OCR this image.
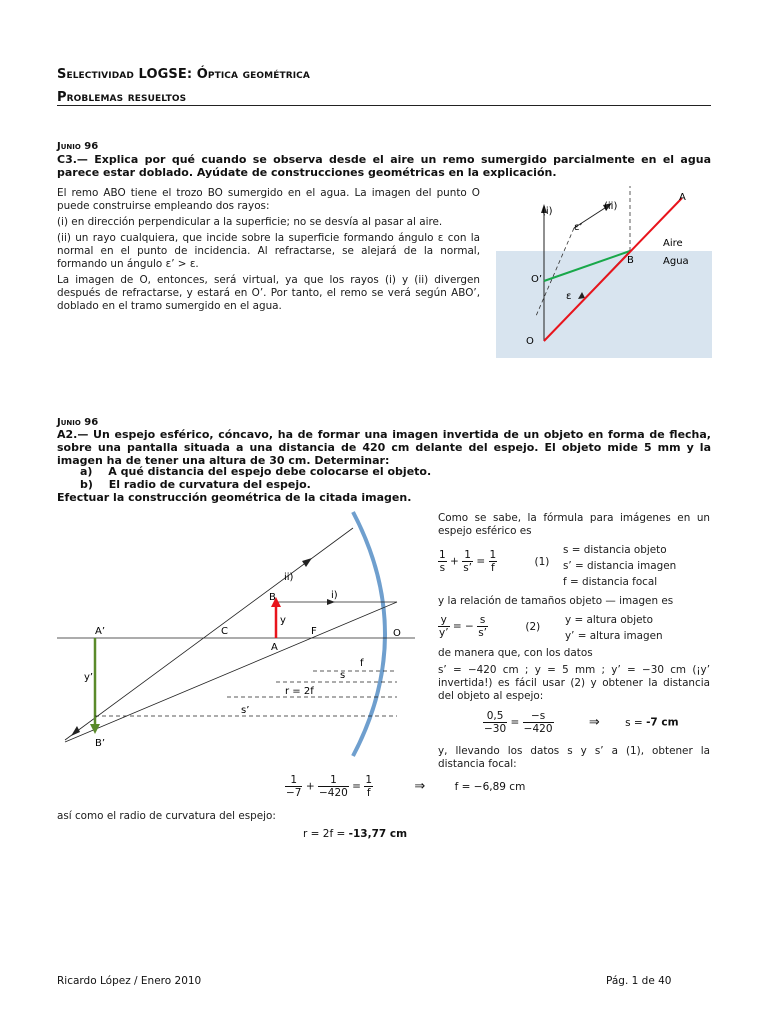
Selectividad LOGSE: Óptica geométrica
Problemas resueltos
Junio 96
C3.— Explica por qué cuando se observa desde el aire un remo sumergido parcialmente en el agua parece estar doblado. Ayúdate de construcciones geométricas en la explicación.
El remo ABO tiene el trozo BO sumergido en el agua. La imagen del punto O puede construirse empleando dos rayos:
(i) en dirección perpendicular a la superficie; no se desvía al pasar al aire.
(ii) un rayo cualquiera, que incide sobre la superficie formando ángulo ε con la normal en el punto de incidencia. Al refractarse, se alejará de la normal, formando un ángulo ε’ > ε.
La imagen de O, entonces, será virtual, ya que los rayos (i) y (ii) divergen después de refractarse, y estará en O’. Por tanto, el remo se verá según ABO’, doblado en el tramo sumergido en el agua.
A
B
O
O’
(i)	(ii)
ε’
ε
Aire
Agua
Junio 96
A2.— Un espejo esférico, cóncavo, ha de formar una imagen invertida de un objeto en forma de flecha, sobre una pantalla situada a una distancia de 420 cm delante del espejo. El objeto mide 5 mm y la imagen ha de tener una altura de 30 cm. Determinar:
a) A qué distancia del espejo debe colocarse el objeto.
b) El radio de curvatura del espejo.
Efectuar la construcción geométrica de la citada imagen.
A’	C
A
F	O
B
B’
y
y’
i)
ii)
f
s
r = 2f
s’
Como se sabe, la fórmula para imágenes en un espejo esférico es
$\frac{1}{s} + \frac{1}{s’} = \frac{1}{f}$	(1)
s = distancia objeto
s’ = distancia imagen
f = distancia focal
y la relación de tamaños objeto — imagen es
$\frac{y}{y’}$ = − $\frac{s}{s’}$	(2)
y = altura objeto
y’ = altura imagen
de manera que, con los datos
s’ = −420 cm ; y = 5 mm ; y’ = −30 cm (¡y’ invertida!) es fácil usar (2) y obtener la distancia del objeto al espejo:
$\frac{0,5}{-30} = \frac{-s}{-420}$	⇒ s = -7 cm
y, llevando los datos s y s’ a (1), obtener la distancia focal:
$\frac{1}{-7} + \frac{1}{-420} = \frac{1}{f}$	⇒	f = −6,89 cm
así como el radio de curvatura del espejo:
r = 2f = -13,77 cm
Ricardo López / Enero 2010	Pág. 1 de 40
